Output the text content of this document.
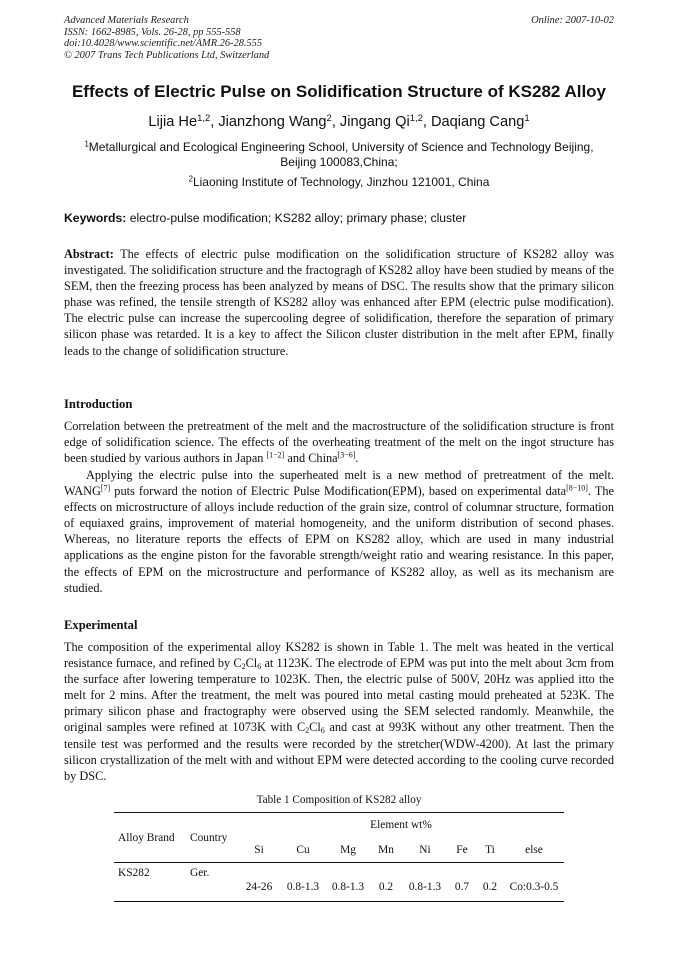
Advanced Materials Research
ISSN: 1662-8985, Vols. 26-28, pp 555-558
doi:10.4028/www.scientific.net/AMR.26-28.555
© 2007 Trans Tech Publications Ltd, Switzerland
Online: 2007-10-02
Effects of Electric Pulse on Solidification Structure of KS282 Alloy
Lijia He$^{1,2}$, Jianzhong Wang$^2$, Jingang Qi$^{1,2}$, Daqiang Cang$^1$
$^1$Metallurgical and Ecological Engineering School, University of Science and Technology Beijing,
Beijing 100083,China;
$^2$Liaoning Institute of Technology, Jinzhou 121001, China
Keywords: electro-pulse modification; KS282 alloy; primary phase; cluster
Abstract: The effects of electric pulse modification on the solidification structure of KS282 alloy was investigated. The solidification structure and the fractogragh of KS282 alloy have been studied by means of the SEM, then the freezing process has been analyzed by means of DSC. The results show that the primary silicon phase was refined, the tensile strength of KS282 alloy was enhanced after EPM (electric pulse modification). The electric pulse can increase the supercooling degree of solidification, therefore the separation of primary silicon phase was retarded. It is a key to affect the Silicon cluster distribution in the melt after EPM, finally leads to the change of solidification structure.
Introduction
Correlation between the pretreatment of the melt and the macrostructure of the solidification structure is front edge of solidification science. The effects of the overheating treatment of the melt on the ingot structure has been studied by various authors in Japan [1−2] and China[3−6].
Applying the electric pulse into the superheated melt is a new method of pretreatment of the melt. WANG[7] puts forward the notion of Electric Pulse Modification(EPM), based on experimental data[8−10]. The effects on microstructure of alloys include reduction of the grain size, control of columnar structure, formation of equiaxed grains, improvement of material homogeneity, and the uniform distribution of second phases. Whereas, no literature reports the effects of EPM on KS282 alloy, which are used in many industrial applications as the engine piston for the favorable strength/weight ratio and wearing resistance. In this paper, the effects of EPM on the microstructure and performance of KS282 alloy, as well as its mechanism are studied.
Experimental
The composition of the experimental alloy KS282 is shown in Table 1. The melt was heated in the vertical resistance furnace, and refined by $C_2Cl_6$ at 1123K. The electrode of EPM was put into the melt about 3cm from the surface after lowering temperature to 1023K. Then, the electric pulse of 500V, 20Hz was applied itto the melt for 2 mins. After the treatment, the melt was poured into metal casting mould preheated at 523K. The primary silicon phase and fractography were observed using the SEM selected randomly. Meanwhile, the original samples were refined at 1073K with $C_2Cl_6$ and cast at 993K without any other treatment. Then the tensile test was performed and the results were recorded by the stretcher(WDW-4200). At last the primary silicon crystallization of the melt with and without EPM were detected according to the cooling curve recorded by DSC.
Table 1 Composition of KS282 alloy
Alloy Brand	Country	Element wt%							
		Si	Cu	Mg	Mn	Ni	Fe	Ti	else
KS282	Ger.	24-26	0.8-1.3	0.8-1.3	0.2	0.8-1.3	0.7	0.2	Co:0.3-0.5
